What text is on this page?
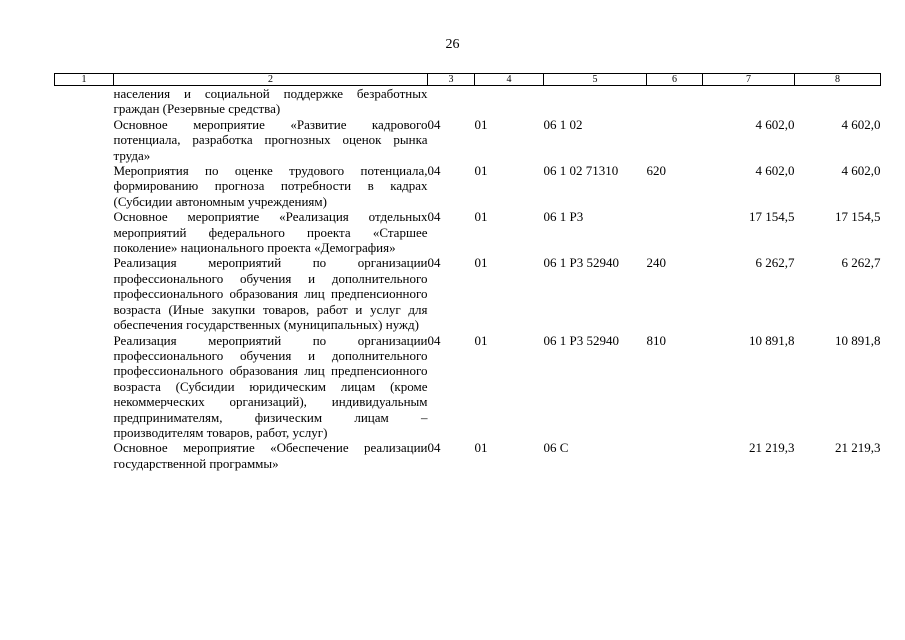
26
1	2	3	4	5	6	7	8
	населения и социальной поддержке безработных граждан (Резервные средства)						
	Основное мероприятие «Развитие кадрового потенциала, разработка прогнозных оценок рынка труда»	04	01	06 1 02		4 602,0	4 602,0
	Мероприятия по оценке трудового потенциала, формированию прогноза потребности в кадрах (Субсидии автономным учреждениям)	04	01	06 1 02 71310	620	4 602,0	4 602,0
	Основное мероприятие «Реализация отдельных мероприятий федерального проекта «Старшее поколение» национального проекта «Демография»	04	01	06 1 P3		17 154,5	17 154,5
	Реализация мероприятий по организации профессионального обучения и дополнительного профессионального образования лиц предпенсионного возраста (Иные закупки товаров, работ и услуг для обеспечения государственных (муниципальных) нужд)	04	01	06 1 P3 52940	240	6 262,7	6 262,7
	Реализация мероприятий по организации профессионального обучения и дополнительного профессионального образования лиц предпенсионного возраста (Субсидии юридическим лицам (кроме некоммерческих организаций), индивидуальным предпринимателям, физическим лицам – производителям товаров, работ, услуг)	04	01	06 1 P3 52940	810	10 891,8	10 891,8
	Основное мероприятие «Обеспечение реализации государственной программы»	04	01	06 С		21 219,3	21 219,3
